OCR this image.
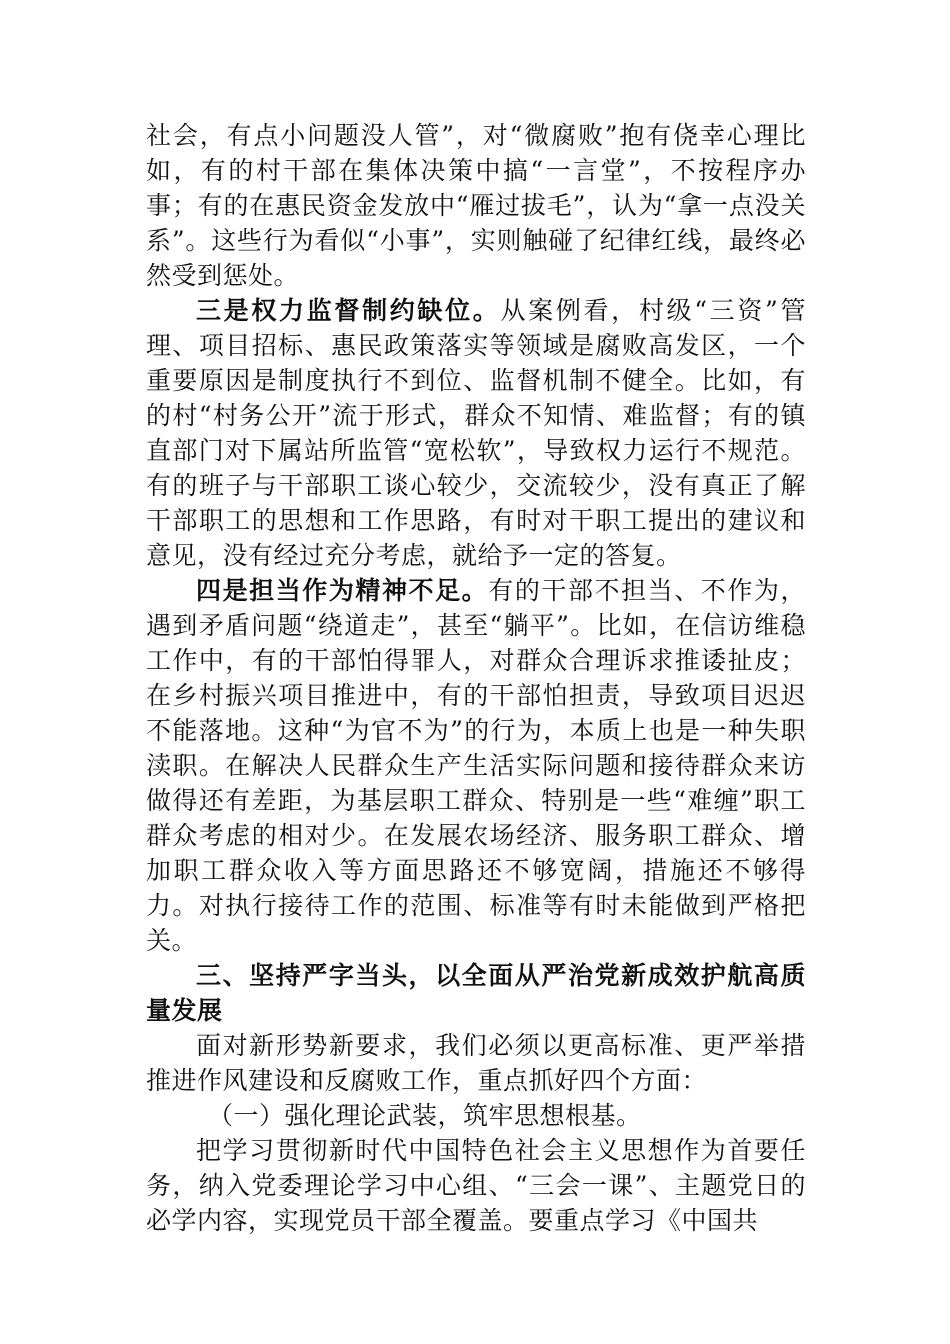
社会，有点小问题没人管”，对“微腐败”抱有侥幸心理比如，有的村干部在集体决策中搞“一言堂”，不按程序办事；有的在惠民资金发放中“雁过拔毛”，认为“拿一点没关系”。这些行为看似“小事”，实则触碰了纪律红线，最终必然受到惩处。

三是权力监督制约缺位。从案例看，村级“三资”管理、项目招标、惠民政策落实等领域是腐败高发区，一个重要原因是制度执行不到位、监督机制不健全。比如，有的村“村务公开”流于形式，群众不知情、难监督；有的镇直部门对下属站所监管“宽松软”，导致权力运行不规范。有的班子与干部职工谈心较少，交流较少，没有真正了解干部职工的思想和工作思路，有时对干职工提出的建议和意见，没有经过充分考虑，就给予一定的答复。

四是担当作为精神不足。有的干部不担当、不作为，遇到矛盾问题“绕道走”，甚至“躺平”。比如，在信访维稳工作中，有的干部怕得罪人，对群众合理诉求推诿扯皮；在乡村振兴项目推进中，有的干部怕担责，导致项目迟迟不能落地。这种“为官不为”的行为，本质上也是一种失职渎职。在解决人民群众生产生活实际问题和接待群众来访做得还有差距，为基层职工群众、特别是一些“难缠”职工群众考虑的相对少。在发展农场经济、服务职工群众、增加职工群众收入等方面思路还不够宽阔，措施还不够得力。对执行接待工作的范围、标准等有时未能做到严格把关。

三、坚持严字当头，以全面从严治党新成效护航高质量发展

面对新形势新要求，我们必须以更高标准、更严举措推进作风建设和反腐败工作，重点抓好四个方面：

（一）强化理论武装，筑牢思想根基。

把学习贯彻新时代中国特色社会主义思想作为首要任务，纳入党委理论学习中心组、“三会一课”、主题党日的必学内容，实现党员干部全覆盖。要重点学习《中国共
